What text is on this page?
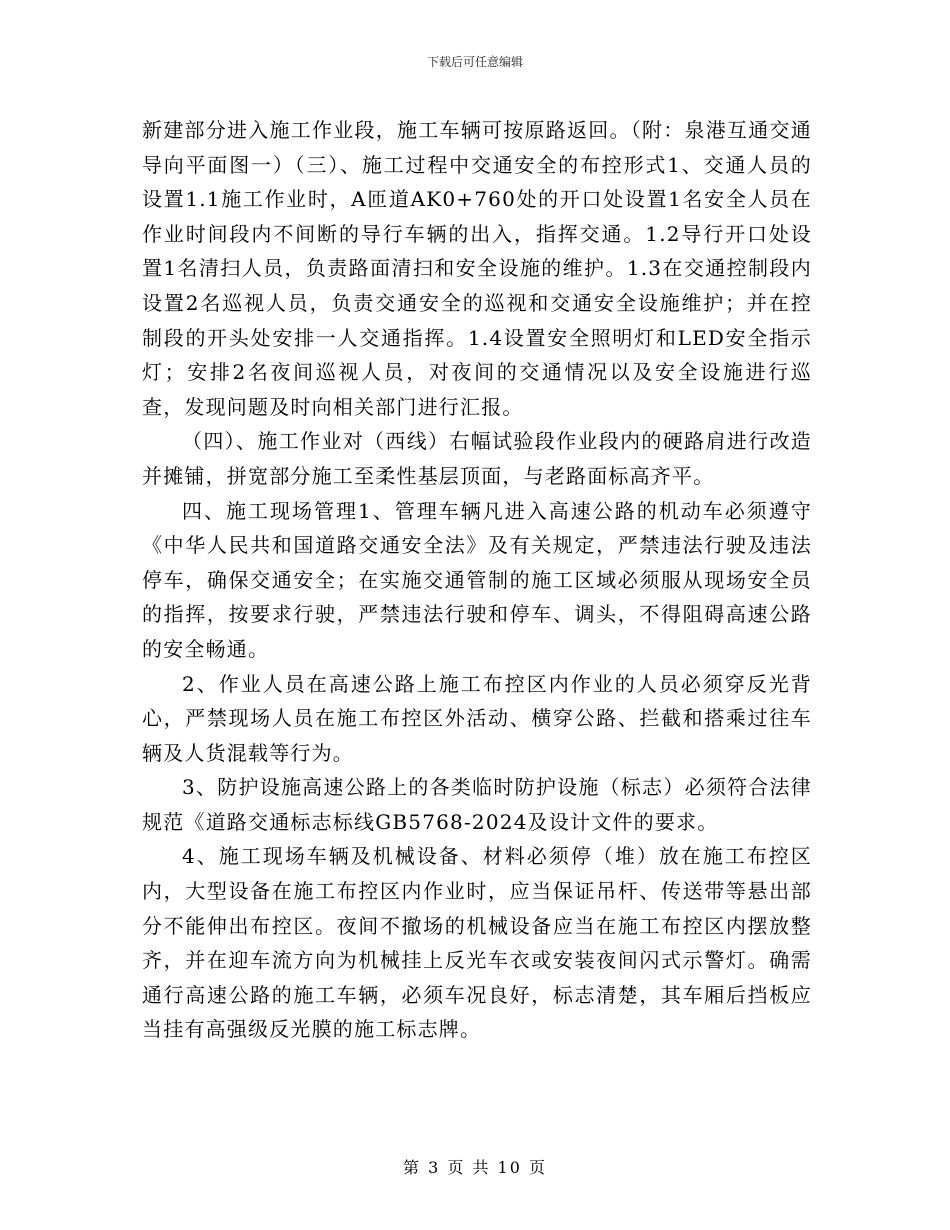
下载后可任意编辑

新建部分进入施工作业段，施工车辆可按原路返回。（附：泉港互通交通导向平面图一）（三）、施工过程中交通安全的布控形式1、交通人员的设置1.1施工作业时，A匝道AK0+760处的开口处设置1名安全人员在作业时间段内不间断的导行车辆的出入，指挥交通。1.2导行开口处设置1名清扫人员，负责路面清扫和安全设施的维护。1.3在交通控制段内设置2名巡视人员，负责交通安全的巡视和交通安全设施维护；并在控制段的开头处安排一人交通指挥。1.4设置安全照明灯和LED安全指示灯；安排2名夜间巡视人员，对夜间的交通情况以及安全设施进行巡查，发现问题及时向相关部门进行汇报。

（四）、施工作业对（西线）右幅试验段作业段内的硬路肩进行改造并摊铺，拼宽部分施工至柔性基层顶面，与老路面标高齐平。

四、施工现场管理1、管理车辆凡进入高速公路的机动车必须遵守《中华人民共和国道路交通安全法》及有关规定，严禁违法行驶及违法停车，确保交通安全；在实施交通管制的施工区域必须服从现场安全员的指挥，按要求行驶，严禁违法行驶和停车、调头，不得阻碍高速公路的安全畅通。

2、作业人员在高速公路上施工布控区内作业的人员必须穿反光背心，严禁现场人员在施工布控区外活动、横穿公路、拦截和搭乘过往车辆及人货混载等行为。

3、防护设施高速公路上的各类临时防护设施（标志）必须符合法律规范《道路交通标志标线GB5768-2024及设计文件的要求。

4、施工现场车辆及机械设备、材料必须停（堆）放在施工布控区内，大型设备在施工布控区内作业时，应当保证吊杆、传送带等悬出部分不能伸出布控区。夜间不撤场的机械设备应当在施工布控区内摆放整齐，并在迎车流方向为机械挂上反光车衣或安装夜间闪式示警灯。确需通行高速公路的施工车辆，必须车况良好，标志清楚，其车厢后挡板应当挂有高强级反光膜的施工标志牌。

第 3 页 共 10 页
